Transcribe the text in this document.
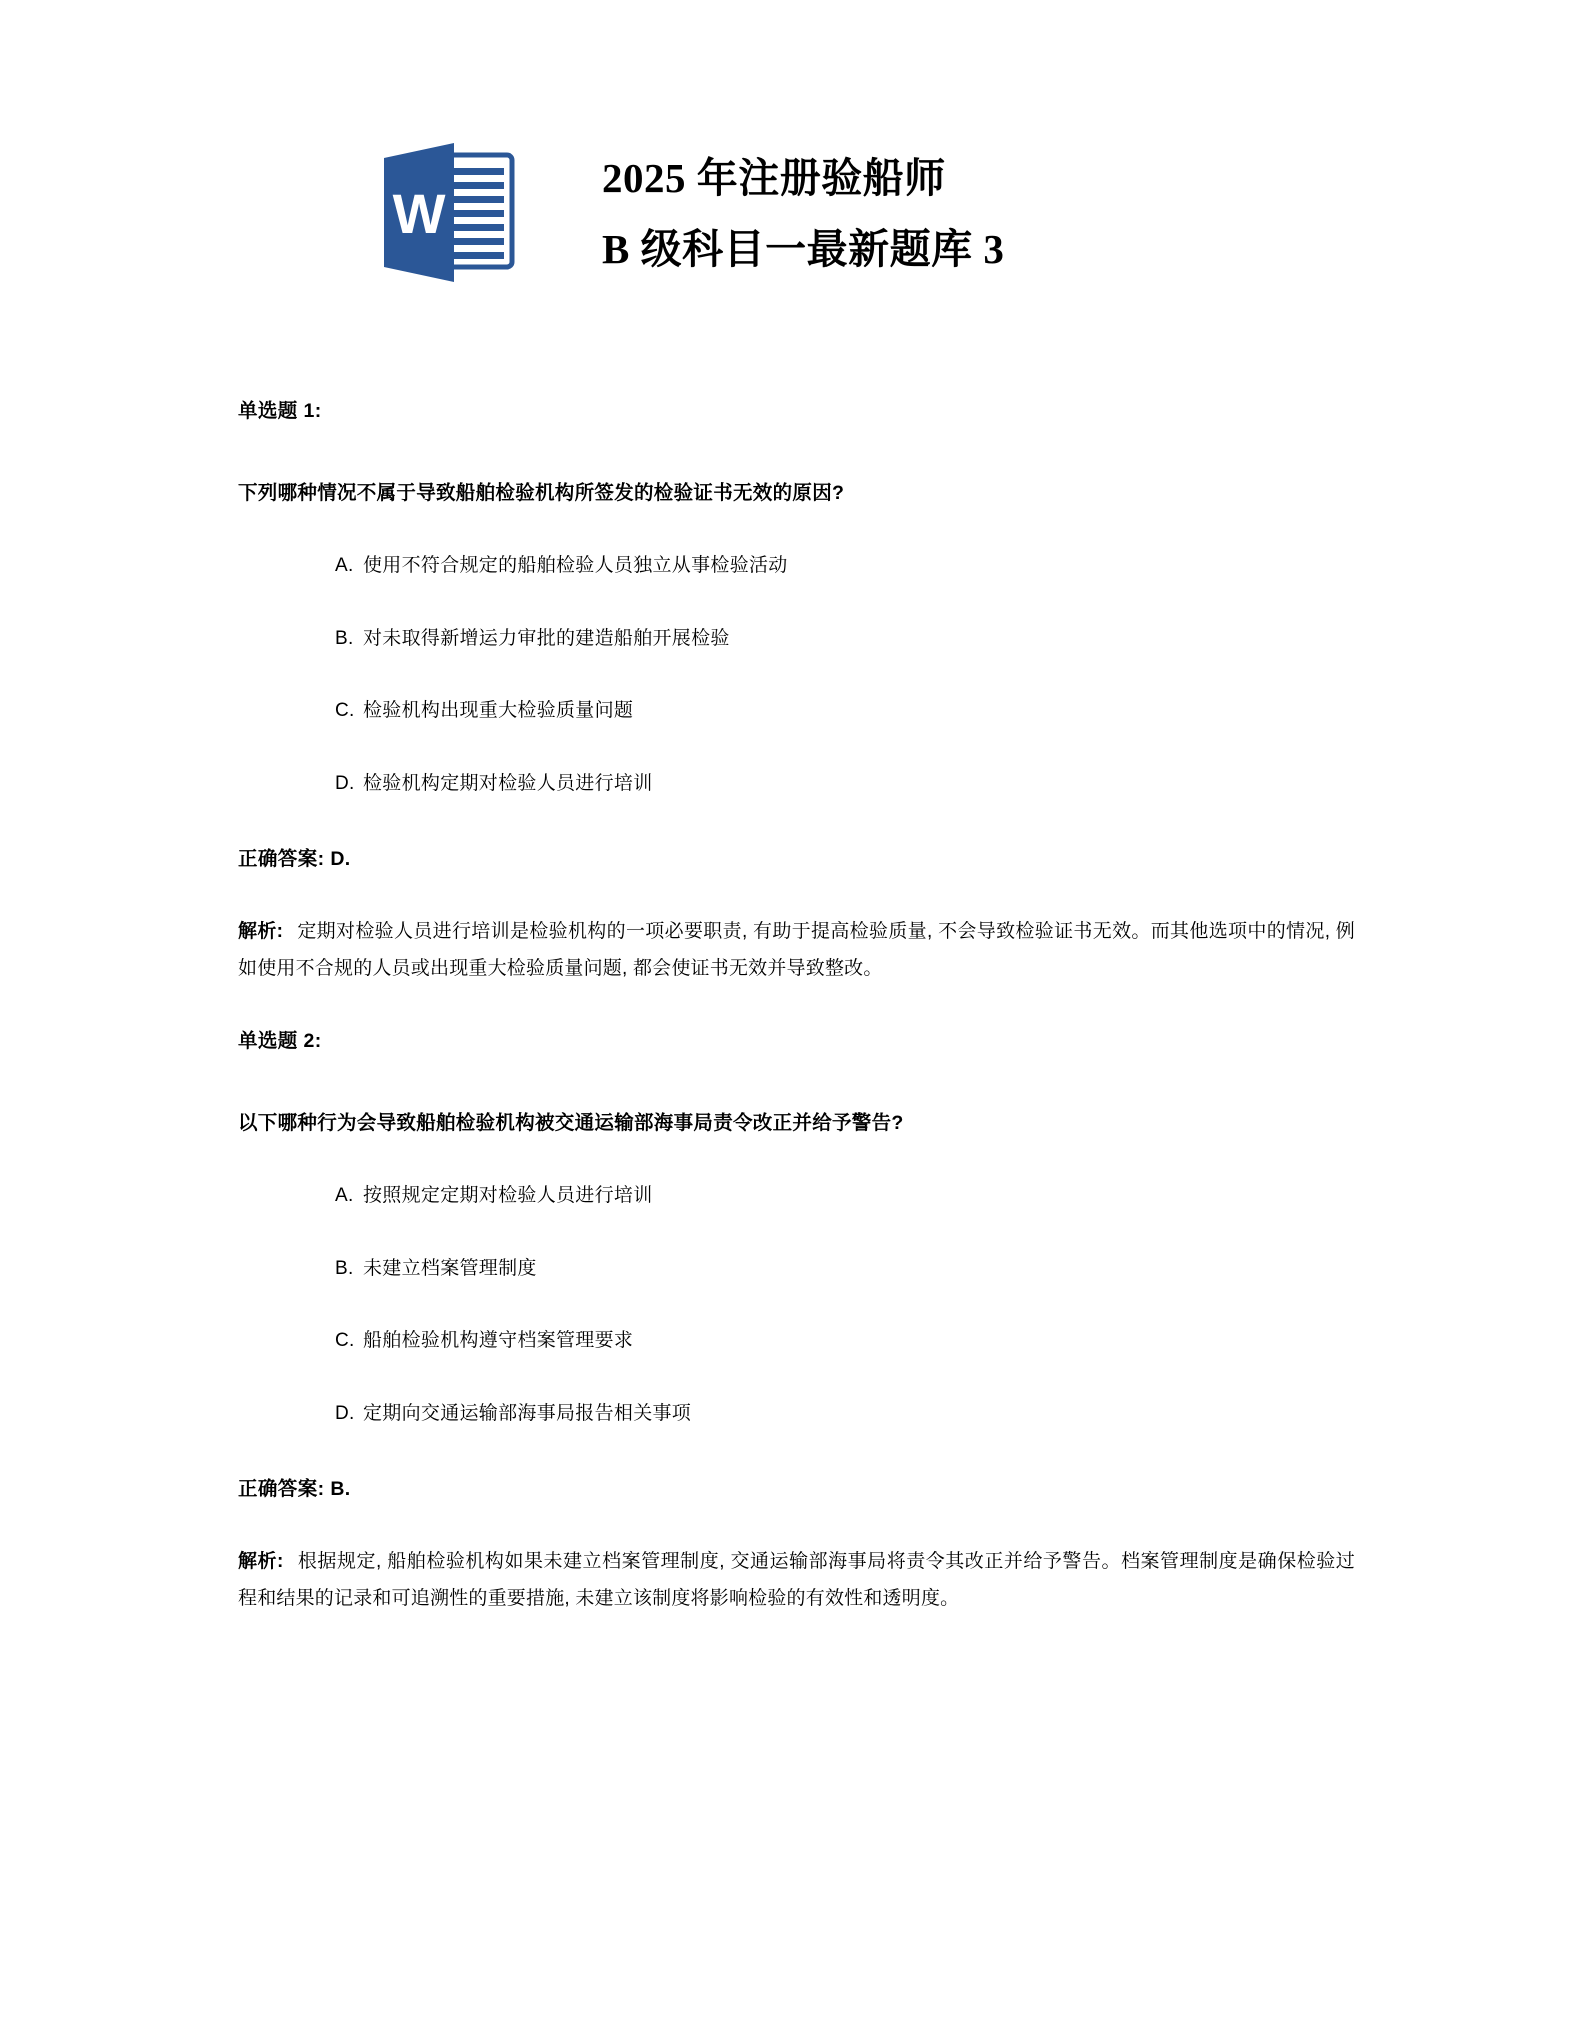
W
2025 年注册验船师
B 级科目一最新题库 3
单选题 1:
下列哪种情况不属于导致船舶检验机构所签发的检验证书无效的原因?
A. 使用不符合规定的船舶检验人员独立从事检验活动
B. 对未取得新增运力审批的建造船舶开展检验
C. 检验机构出现重大检验质量问题
D. 检验机构定期对检验人员进行培训
正确答案: D.

解析: 定期对检验人员进行培训是检验机构的一项必要职责, 有助于提高检验质量, 不会导致检验证书无效。而其他选项中的情况, 例如使用不合规的人员或出现重大检验质量问题, 都会使证书无效并导致整改。

单选题 2:
以下哪种行为会导致船舶检验机构被交通运输部海事局责令改正并给予警告?
A. 按照规定定期对检验人员进行培训
B. 未建立档案管理制度
C. 船舶检验机构遵守档案管理要求
D. 定期向交通运输部海事局报告相关事项
正确答案: B.

解析: 根据规定, 船舶检验机构如果未建立档案管理制度, 交通运输部海事局将责令其改正并给予警告。档案管理制度是确保检验过程和结果的记录和可追溯性的重要措施, 未建立该制度将影响检验的有效性和透明度。
